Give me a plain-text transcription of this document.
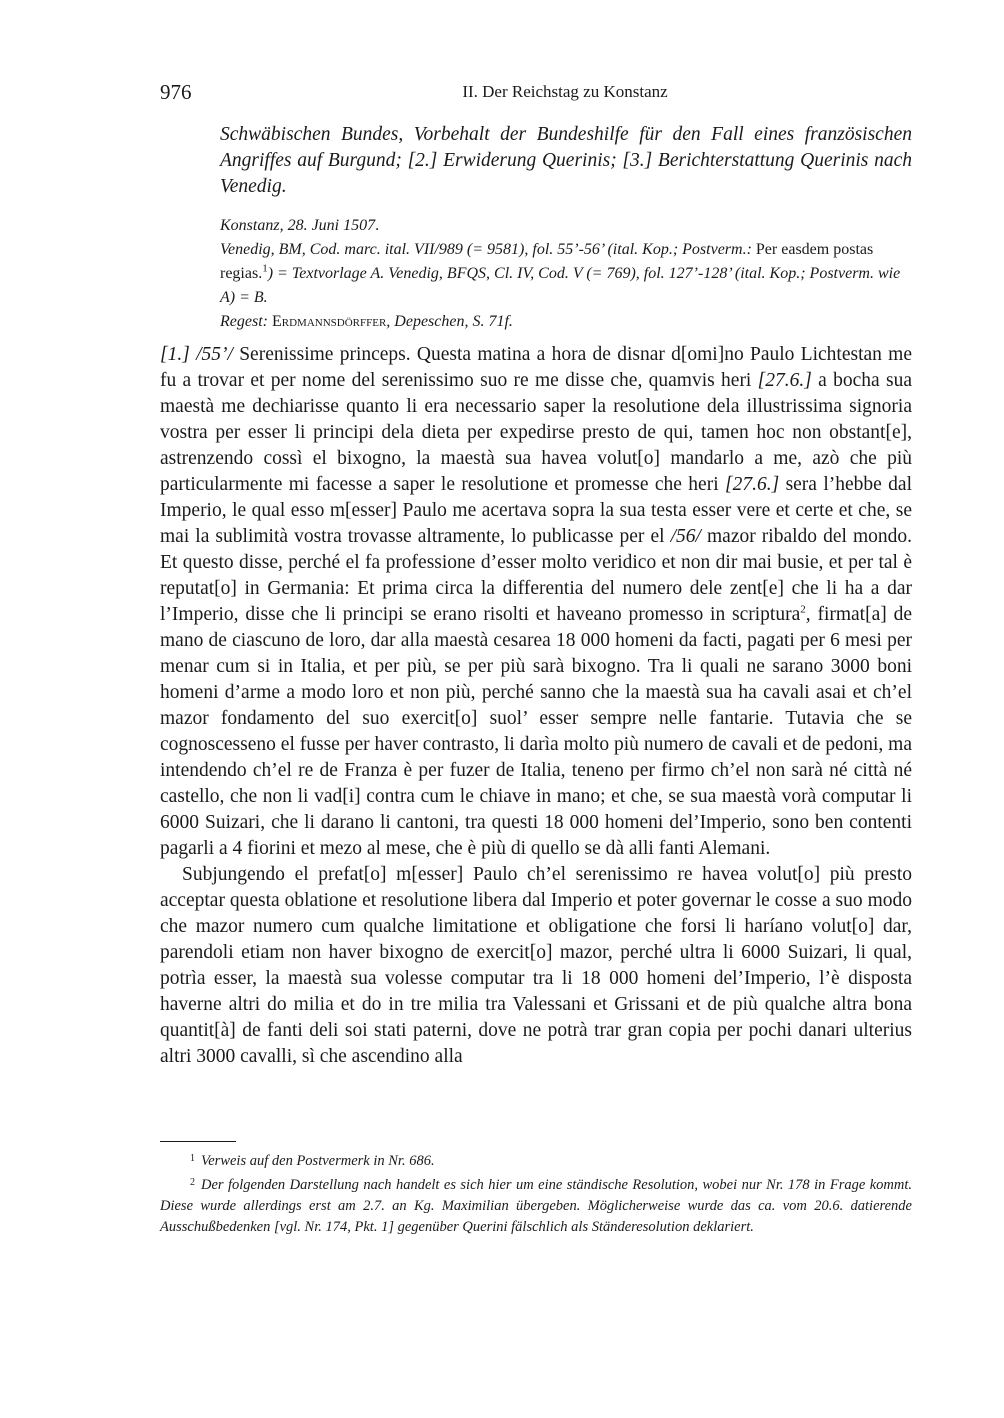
976	II. Der Reichstag zu Konstanz

Schwäbischen Bundes, Vorbehalt der Bundeshilfe für den Fall eines französischen Angriffes auf Burgund; [2.] Erwiderung Querinis; [3.] Berichterstattung Querinis nach Venedig.

Konstanz, 28. Juni 1507.

Venedig, BM, Cod. marc. ital. VII/989 (= 9581), fol. 55’-56’ (ital. Kop.; Postverm.: Per easdem postas regias.$^1$) = Textvorlage A. Venedig, BFQS, Cl. IV, Cod. V (= 769), fol. 127’-128’ (ital. Kop.; Postverm. wie A) = B.

Regest: Erdmannsdörffer, Depeschen, S. 71f.

[1.] /55’/ Serenissime princeps. Questa matina a hora de disnar d[omi]no Paulo Lichtestan me fu a trovar et per nome del serenissimo suo re me disse che, quamvis heri [27.6.] a bocha sua maestà me dechiarisse quanto li era necessario saper la resolutione dela illustrissima signoria vostra per esser li principi dela dieta per expedirse presto de qui, tamen hoc non obstant[e], astrenzendo cossì el bixogno, la maestà sua havea volut[o] mandarlo a me, azò che più particularmente mi facesse a saper le resolutione et promesse che heri [27.6.] sera l’hebbe dal Imperio, le qual esso m[esser] Paulo me acertava sopra la sua testa esser vere et certe et che, se mai la sublimità vostra trovasse altramente, lo publicasse per el /56/ mazor ribaldo del mondo. Et questo disse, perché el fa professione d’esser molto veridico et non dir mai busie, et per tal è reputat[o] in Germania: Et prima circa la differentia del numero dele zent[e] che li ha a dar l’Imperio, disse che li principi se erano risolti et haveano promesso in scriptura$^2$, firmat[a] de mano de ciascuno de loro, dar alla maestà cesarea 18 000 homeni da facti, pagati per 6 mesi per menar cum si in Italia, et per più, se per più sarà bixogno. Tra li quali ne sarano 3000 boni homeni d’arme a modo loro et non più, perché sanno che la maestà sua ha cavali asai et ch’el mazor fondamento del suo exercit[o] suol’ esser sempre nelle fantarie. Tutavia che se cognoscesseno el fusse per haver contrasto, li darìa molto più numero de cavali et de pedoni, ma intendendo ch’el re de Franza è per fuzer de Italia, teneno per firmo ch’el non sarà né città né castello, che non li vad[i] contra cum le chiave in mano; et che, se sua maestà vorà computar li 6000 Suizari, che li darano li cantoni, tra questi 18 000 homeni del’Imperio, sono ben contenti pagarli a 4 fiorini et mezo al mese, che è più di quello se dà alli fanti Alemani.

Subjungendo el prefat[o] m[esser] Paulo ch’el serenissimo re havea volut[o] più presto acceptar questa oblatione et resolutione libera dal Imperio et poter governar le cosse a suo modo che mazor numero cum qualche limitatione et obligatione che forsi li haríano volut[o] dar, parendoli etiam non haver bixogno de exercit[o] mazor, perché ultra li 6000 Suizari, li qual, potrìa esser, la maestà sua volesse computar tra li 18 000 homeni del’Imperio, l’è disposta haverne altri do milia et do in tre milia tra Valessani et Grissani et de più qualche altra bona quantit[à] de fanti deli soi stati paterni, dove ne potrà trar gran copia per pochi danari ulterius altri 3000 cavalli, sì che ascendino alla

$^1$ Verweis auf den Postvermerk in Nr. 686.

$^2$ Der folgenden Darstellung nach handelt es sich hier um eine ständische Resolution, wobei nur Nr. 178 in Frage kommt. Diese wurde allerdings erst am 2.7. an Kg. Maximilian übergeben. Möglicherweise wurde das ca. vom 20.6. datierende Ausschußbedenken [vgl. Nr. 174, Pkt. 1] gegenüber Querini fälschlich als Ständeresolution deklariert.
